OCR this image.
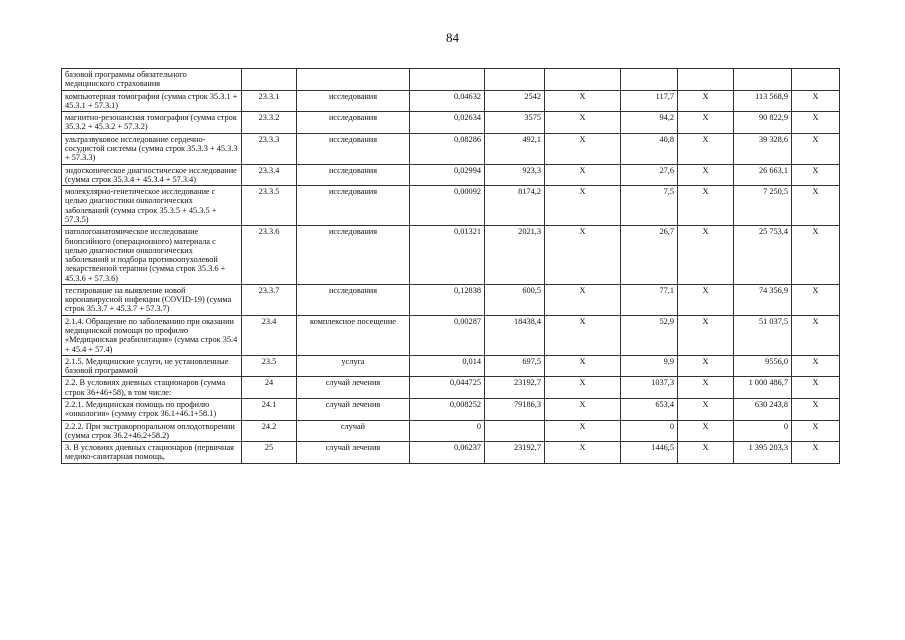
84
базовой программы обязательного медицинского страхования									
компьютерная томография (сумма строк 35.3.1 + 45.3.1 + 57.3.1)	23.3.1	исследования	0,04632	2542	Х	117,7	Х	113 568,9	Х
магнитно-резонансная томография (сумма строк 35.3.2 + 45.3.2 + 57.3.2)	23.3.2	исследования	0,02634	3575	Х	94,2	Х	90 822,9	Х
ультразвуковое исследование сердечно-сосудистой системы (сумма строк 35.3.3 + 45.3.3 + 57.3.3)	23.3.3	исследования	0,08286	492,1	Х	40,8	Х	39 328,6	Х
эндоскопическое диагностическое исследование (сумма строк 35.3.4 + 45.3.4 + 57.3.4)	23.3.4	исследования	0,02994	923,3	Х	27,6	Х	26 663,1	Х
молекулярно-генетическое исследование с целью диагностики онкологических заболеваний (сумма строк 35.3.5 + 45.3.5 + 57.3.5)	23.3.5	исследования	0,00092	8174,2	Х	7,5	Х	7 250,5	Х
патологоанатомическое исследование биопсийного (операционного) материала с целью диагностики онкологических заболеваний и подбора противоопухолевой лекарственной терапии (сумма строк 35.3.6 + 45.3.6 + 57.3.6)	23.3.6	исследования	0,01321	2021,3	Х	26,7	Х	25 753,4	Х
тестирование на выявление новой коронавирусной инфекции (COVID-19) (сумма строк 35.3.7 + 45.3.7 + 57.3.7)	23.3.7	исследования	0,12838	600,5	Х	77,1	Х	74 356,9	Х
2.1.4. Обращение по заболеванию при оказании медицинской помощи по профилю «Медицинская реабилитация» (сумма строк 35.4 + 45.4 + 57.4)	23.4	комплексное посещение	0,00287	18438,4	Х	52,9	Х	51 037,5	Х
2.1.5. Медицинские услуги, не установленные базовой программой	23.5	услуга	0,014	697,5	Х	9,9	Х	9556,0	Х
2.2. В условиях дневных стационаров (сумма строк 36+46+58), в том числе:	24	случай лечения	0,044725	23192,7	Х	1037,3	Х	1 000 486,7	Х
2.2.1. Медицинская помощь по профилю «онкология» (сумму строк 36.1+46.1+58.1)	24.1	случай лечения	0,008252	79186,3	Х	653,4	Х	630 243,8	Х
2.2.2. При экстракорпоральном оплодотворении (сумма строк 36.2+46.2+58.2)	24.2	случай	0		Х	0	Х	0	Х
3. В условиях дневных стационаров (первичная медико-санитарная помощь,	25	случай лечения	0,06237	23192,7	Х	1446,5	Х	1 395 203,3	Х
